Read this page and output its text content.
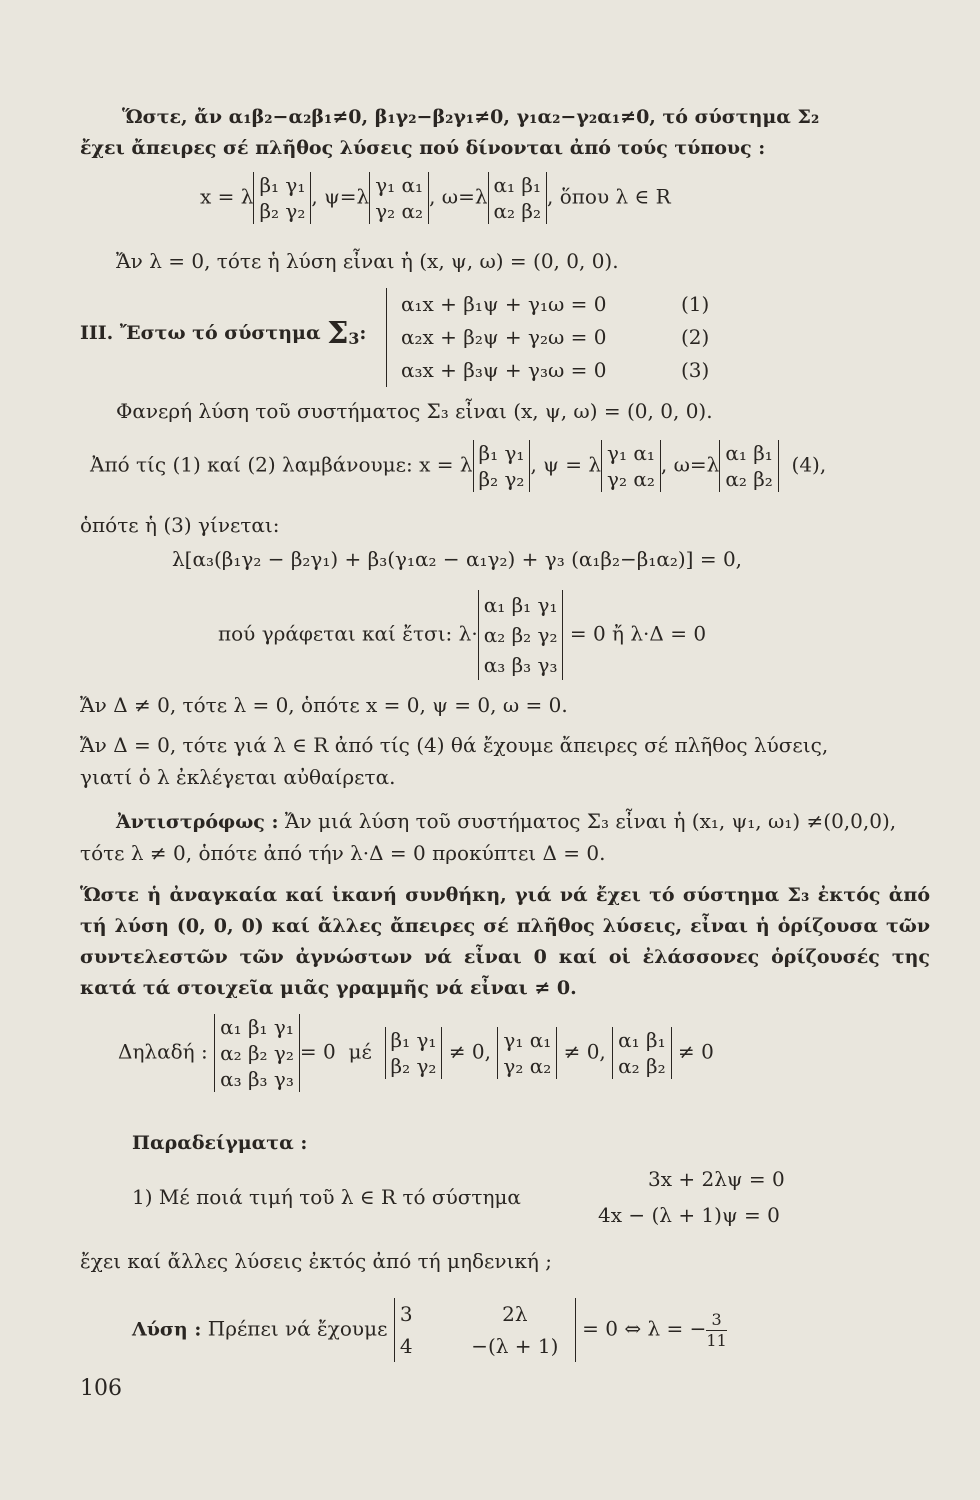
Ὥστε, ἄν α₁β₂−α₂β₁≠0, β₁γ₂−β₂γ₁≠0, γ₁α₂−γ₂α₁≠0, τό σύστημα Σ₂
ἔχει ἄπειρες σέ πλῆθος λύσεις πού δίνονται ἀπό τούς τύπους :
x = λ β₁ γ₁
β₂ γ₂
, ψ=λ γ₁ α₁
γ₂ α₂
, ω=λ α₁ β₁
α₂ β₂
, ὅπου λ ∈ R
Ἄν λ = 0, τότε ἡ λύση εἶναι ἡ (x, ψ, ω) = (0, 0, 0).
III. Ἔστω τό σύστημα $\Sigma_3$:
α₁x + β₁ψ + γ₁ω = 0	(1)
α₂x + β₂ψ + γ₂ω = 0	(2)
α₃x + β₃ψ + γ₃ω = 0	(3)
Φανερή λύση τοῦ συστήματος Σ₃ εἶναι (x, ψ, ω) = (0, 0, 0).
Ἀπό τίς (1) καί (2) λαμβάνουμε: x = λ β₁ γ₁
β₂ γ₂
, ψ = λ γ₁ α₁
γ₂ α₂
, ω=λ α₁ β₁
α₂ β₂
(4),
ὁπότε ἡ (3) γίνεται:
λ[α₃(β₁γ₂ − β₂γ₁) + β₃(γ₁α₂ − α₁γ₂) + γ₃ (α₁β₂−β₁α₂)] = 0,
πού γράφεται καί ἔτσι: λ·
α₁ β₁ γ₁
α₂ β₂ γ₂
α₃ β₃ γ₃
= 0 ἤ λ·Δ = 0
Ἄν Δ ≠ 0, τότε λ = 0, ὁπότε x = 0, ψ = 0, ω = 0.
Ἄν Δ = 0, τότε γιά λ ∈ R ἀπό τίς (4) θά ἔχουμε ἄπειρες σέ πλῆθος λύσεις,
γιατί ὁ λ ἐκλέγεται αὐθαίρετα.
Ἀντιστρόφως : Ἄν μιά λύση τοῦ συστήματος Σ₃ εἶναι ἡ (x₁, ψ₁, ω₁) ≠(0,0,0),
τότε λ ≠ 0, ὁπότε ἀπό τήν λ·Δ = 0 προκύπτει Δ = 0.
Ὥστε ἡ ἀναγκαία καί ἱκανή συνθήκη, γιά νά ἔχει τό σύστημα Σ₃ ἐκτός ἀπό τή λύση (0, 0, 0) καί ἄλλες ἄπειρες σέ πλῆθος λύσεις, εἶναι ἡ ὁρίζουσα τῶν συντελεστῶν τῶν ἀγνώστων νά εἶναι 0 καί οἱ ἐλάσσονες ὁρίζουσές της κατά τά στοιχεῖα μιᾶς γραμμῆς νά εἶναι ≠ 0.
Δηλαδή :
α₁ β₁ γ₁
α₂ β₂ γ₂
α₃ β₃ γ₃
= 0 μέ β₁ γ₁
β₂ γ₂
≠ 0, γ₁ α₁
γ₂ α₂
≠ 0, α₁ β₁
α₂ β₂
≠ 0
Παραδείγματα :
1) Μέ ποιά τιμή τοῦ λ ∈ R τό σύστημα
3x + 2λψ = 0
4x − (λ + 1)ψ = 0
ἔχει καί ἄλλες λύσεις ἐκτός ἀπό τή μηδενική ;
Λύση : Πρέπει νά ἔχουμε
3	2λ
4	−(λ + 1)
= 0 ⇔ λ = − $\frac{3}{11}$
106
